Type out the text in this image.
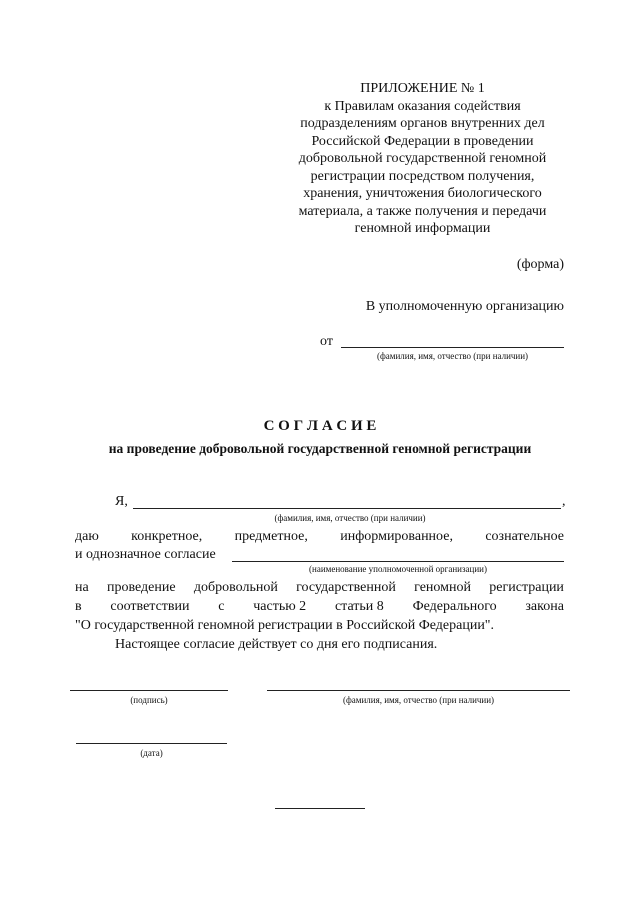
ПРИЛОЖЕНИЕ № 1
к Правилам оказания содействия
подразделениям органов внутренних дел
Российской Федерации в проведении
добровольной государственной геномной
регистрации посредством получения,
хранения, уничтожения биологического
материала, а также получения и передачи
геномной информации
(форма)
В уполномоченную организацию
от
(фамилия, имя, отчество (при наличии)
С О Г Л А С И Е
на проведение добровольной государственной геномной регистрации
Я,	,
(фамилия, имя, отчество (при наличии)
даю конкретное, предметное, информированное, сознательное
и однозначное согласие
(наименование уполномоченной организации)
на проведение добровольной государственной геномной регистрации
в соответствии с частью 2 статьи 8 Федерального закона
"О государственной геномной регистрации в Российской Федерации".
Настоящее согласие действует со дня его подписания.
(подпись)	(фамилия, имя, отчество (при наличии)
(дата)
